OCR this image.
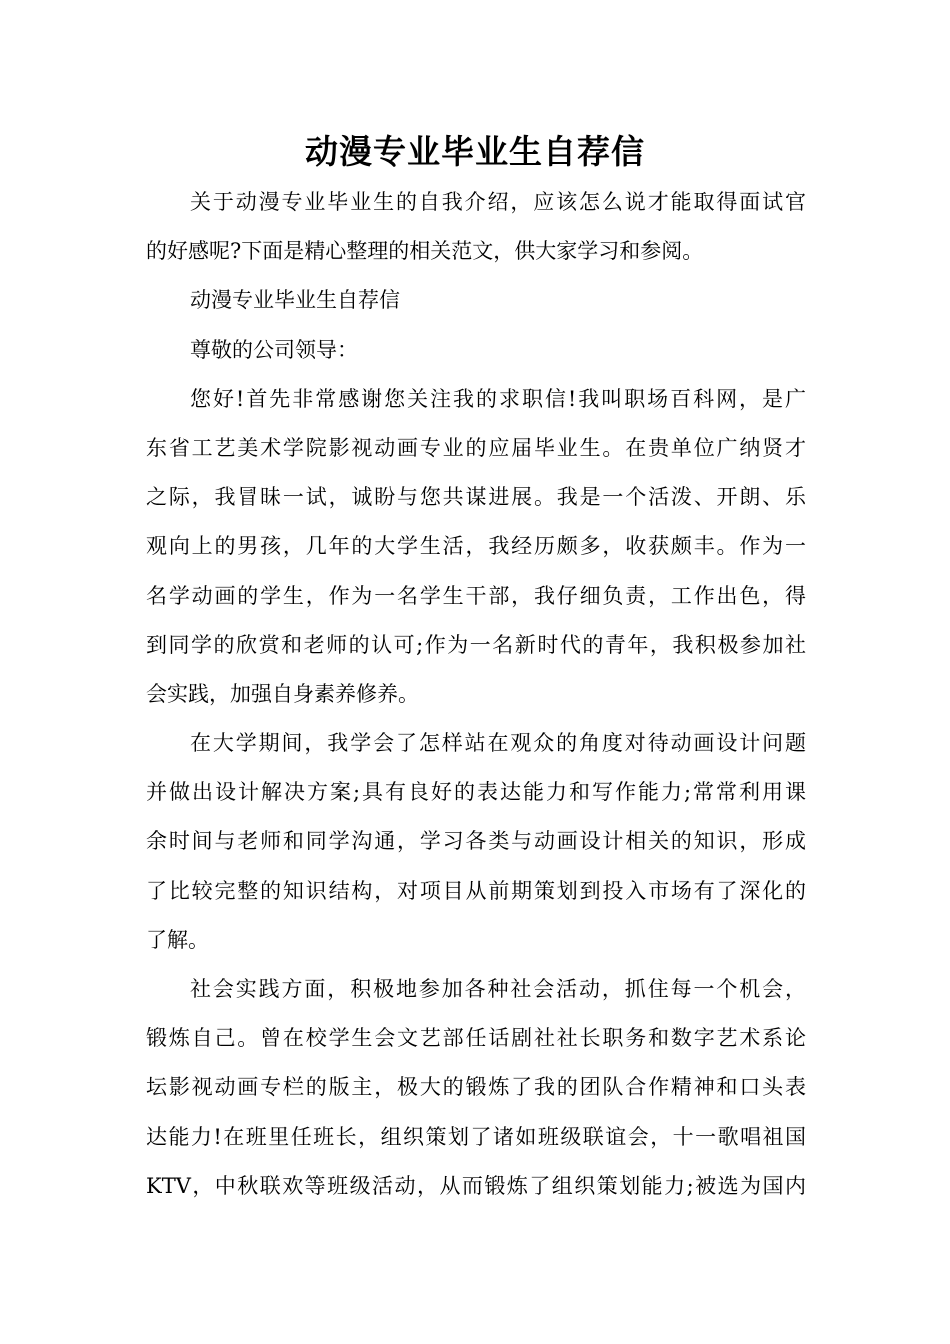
动漫专业毕业生自荐信
关于动漫专业毕业生的自我介绍，应该怎么说才能取得面试官
的好感呢?下面是精心整理的相关范文，供大家学习和参阅。
动漫专业毕业生自荐信
尊敬的公司领导：
您好!首先非常感谢您关注我的求职信!我叫职场百科网，是广
东省工艺美术学院影视动画专业的应届毕业生。在贵单位广纳贤才
之际，我冒昧一试，诚盼与您共谋进展。我是一个活泼、开朗、乐
观向上的男孩，几年的大学生活，我经历颇多，收获颇丰。作为一
名学动画的学生，作为一名学生干部，我仔细负责，工作出色，得
到同学的欣赏和老师的认可;作为一名新时代的青年，我积极参加社
会实践，加强自身素养修养。
在大学期间，我学会了怎样站在观众的角度对待动画设计问题
并做出设计解决方案;具有良好的表达能力和写作能力;常常利用课
余时间与老师和同学沟通，学习各类与动画设计相关的知识，形成
了比较完整的知识结构，对项目从前期策划到投入市场有了深化的
了解。
社会实践方面，积极地参加各种社会活动，抓住每一个机会，
锻炼自己。曾在校学生会文艺部任话剧社社长职务和数字艺术系论
坛影视动画专栏的版主，极大的锻炼了我的团队合作精神和口头表
达能力!在班里任班长，组织策划了诸如班级联谊会，十一歌唱祖国
KTV，中秋联欢等班级活动，从而锻炼了组织策划能力;被选为国内
